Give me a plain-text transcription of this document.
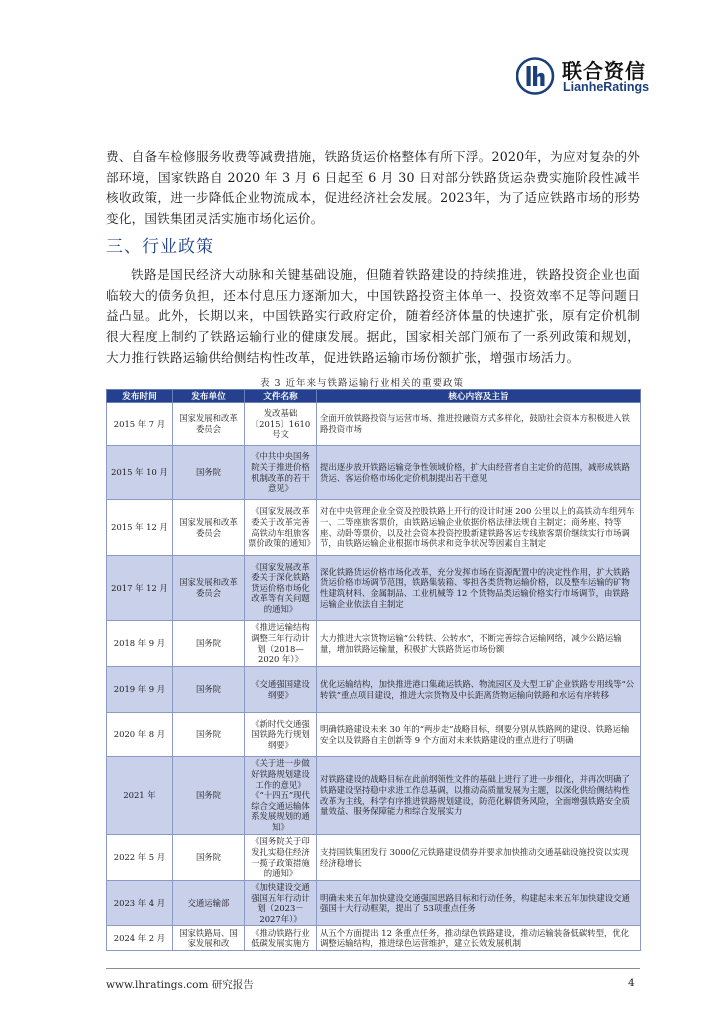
联合资信
LianheRatings
费、自备车检修服务收费等减费措施，铁路货运价格整体有所下浮。2020年，为应对复杂的外部环境，国家铁路自 2020 年 3 月 6 日起至 6 月 30 日对部分铁路货运杂费实施阶段性减半核收政策，进一步降低企业物流成本，促进经济社会发展。2023年，为了适应铁路市场的形势变化，国铁集团灵活实施市场化运价。
三、行业政策
铁路是国民经济大动脉和关键基础设施，但随着铁路建设的持续推进，铁路投资企业也面临较大的债务负担，还本付息压力逐渐加大，中国铁路投资主体单一、投资效率不足等问题日益凸显。此外，长期以来，中国铁路实行政府定价，随着经济体量的快速扩张，原有定价机制很大程度上制约了铁路运输行业的健康发展。据此，国家相关部门颁布了一系列政策和规划，大力推行铁路运输供给侧结构性改革，促进铁路运输市场份额扩张，增强市场活力。
表 3 近年来与铁路运输行业相关的重要政策
发布时间	发布单位	文件名称	核心内容及主旨
2015 年 7 月	国家发展和改革委员会	发改基础〔2015〕1610 号文	全面开放铁路投资与运营市场、推进投融资方式多样化，鼓励社会资本方积极进入铁路投资市场
2015 年 10 月	国务院	《中共中央国务院关于推进价格机制改革的若干意见》	提出逐步放开铁路运输竞争性领域价格，扩大由经营者自主定价的范围，减形成铁路货运、客运价格市场化定价机制提出若干意见
2015 年 12 月	国家发展和改革委员会	《国家发展改革委关于改革完善高铁动车组旅客票价政策的通知》	对在中央管理企业全资及控股铁路上开行的设计时速 200 公里以上的高铁动车组列车一、二等座旅客票价，由铁路运输企业依据价格法律法规自主制定；商务座、特等座、动卧等票价，以及社会资本投资控股新建铁路客运专线旅客票价继续实行市场调节，由铁路运输企业根据市场供求和竞争状况等因素自主制定
2017 年 12 月	国家发展和改革委员会	《国家发展改革委关于深化铁路货运价格市场化改革等有关问题的通知》	深化铁路货运价格市场化改革，充分发挥市场在资源配置中的决定性作用，扩大铁路货运价格市场调节范围，铁路集装箱、零担各类货物运输价格，以及整车运输的矿物性建筑材料、金属制品、工业机械等 12 个货物品类运输价格实行市场调节，由铁路运输企业依法自主制定
2018 年 9 月	国务院	《推进运输结构调整三年行动计划（2018—2020 年）》	大力推进大宗货物运输“公转铁、公转水”，不断完善综合运输网络，减少公路运输量，增加铁路运输量，积极扩大铁路货运市场份额
2019 年 9 月	国务院	《交通强国建设纲要》	优化运输结构，加快推进港口集疏运铁路、物流园区及大型工矿企业铁路专用线等“公转铁”重点项目建设，推进大宗货物及中长距离货物运输向铁路和水运有序转移
2020 年 8 月	国务院	《新时代交通强国铁路先行规划纲要》	明确铁路建设未来 30 年的“两步走”战略目标，纲要分别从铁路网的建设、铁路运输安全以及铁路自主创新等 9 个方面对未来铁路建设的重点进行了明确
2021 年	国务院	《关于进一步做好铁路规划建设工作的意见》《“十四五”现代综合交通运输体系发展规划的通知》	对铁路建设的战略目标在此前纲领性文件的基础上进行了进一步细化，并再次明确了铁路建设坚持稳中求进工作总基调，以推动高质量发展为主题，以深化供给侧结构性改革为主线，科学有序推进铁路规划建设，防范化解债务风险，全面增强铁路安全质量效益、服务保障能力和综合发展实力
2022 年 5 月	国务院	《国务院关于印发扎实稳住经济一揽子政策措施的通知》	支持国铁集团发行 3000亿元铁路建设债券并要求加快推动交通基础设施投资以实现经济稳增长
2023 年 4 月	交通运输部	《加快建设交通强国五年行动计划（2023－2027年）》	明确未来五年加快建设交通强国思路目标和行动任务，构建起未来五年加快建设交通强国十大行动框架，提出了 53项重点任务
2024 年 2 月	国家铁路局、国家发展和改	《推动铁路行业低碳发展实施方	从五个方面提出 12 条重点任务，推动绿色铁路建设，推动运输装备低碳转型，优化调整运输结构，推进绿色运营维护，建立长效发展机制
www.lhratings.com 研究报告	4
